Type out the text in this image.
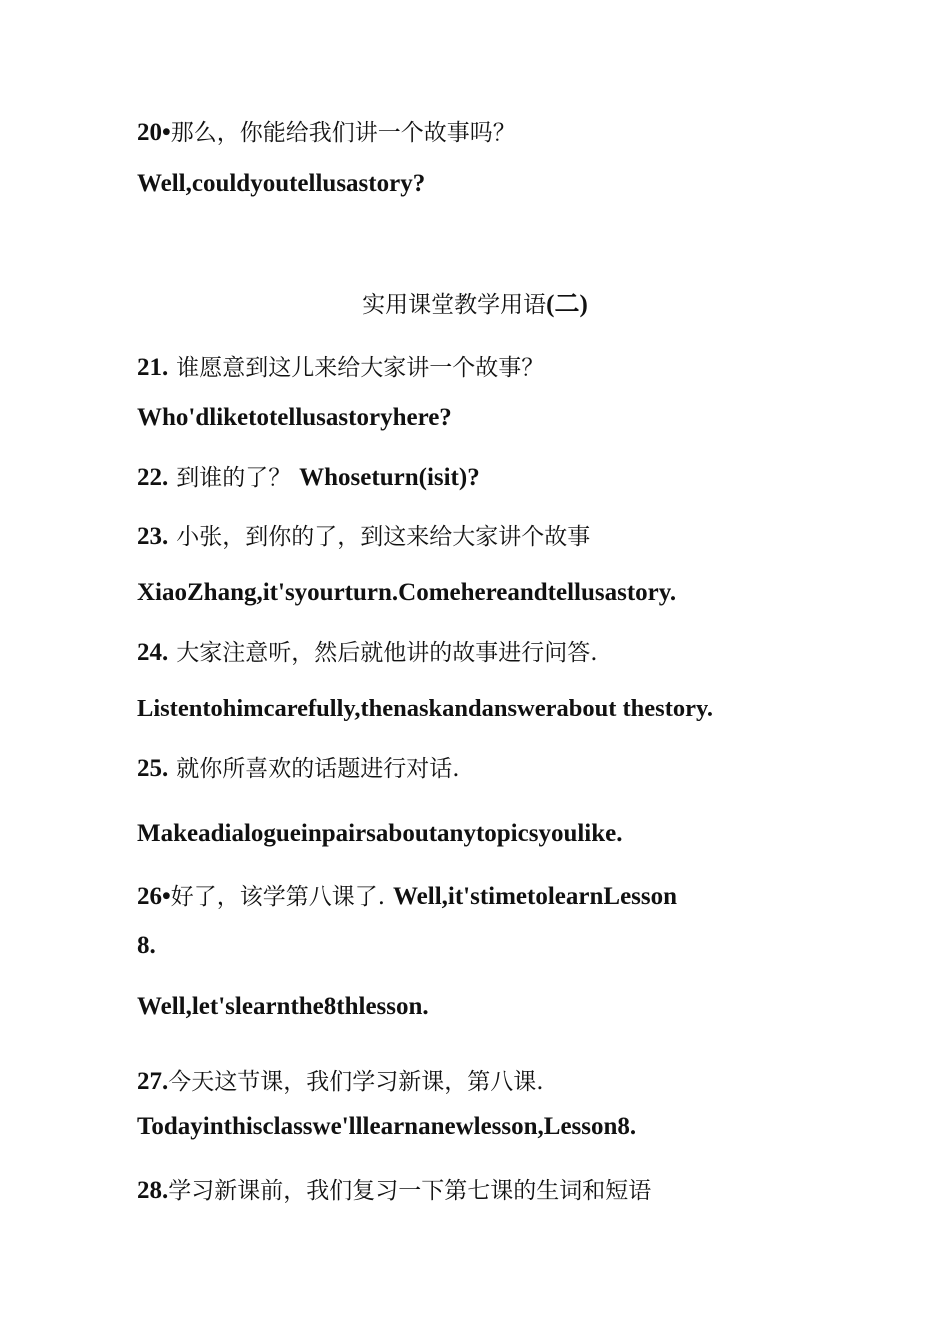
20•那么，你能给我们讲一个故事吗？
Well,couldyoutellusastory?
实用课堂教学用语(二)
21. 谁愿意到这儿来给大家讲一个故事？
Who'dliketotellusastoryhere?
22. 到谁的了？ Whoseturn(isit)?
23. 小张，到你的了，到这来给大家讲个故事
XiaoZhang,it'syourturn.Comehereandtellusastory.
24. 大家注意听，然后就他讲的故事进行问答.
Listentohimcarefully,thenaskandanswerabout thestory.
25. 就你所喜欢的话题进行对话.
Makeadialogueinpairsaboutanytopicsyoulike.
26•好了，该学第八课了. Well,it'stimetolearnLesson
8.
Well,let'slearnthe8thlesson.
27.今天这节课，我们学习新课，第八课.
Todayinthisclasswe'lllearnanewlesson,Lesson8.
28.学习新课前，我们复习一下第七课的生词和短语
